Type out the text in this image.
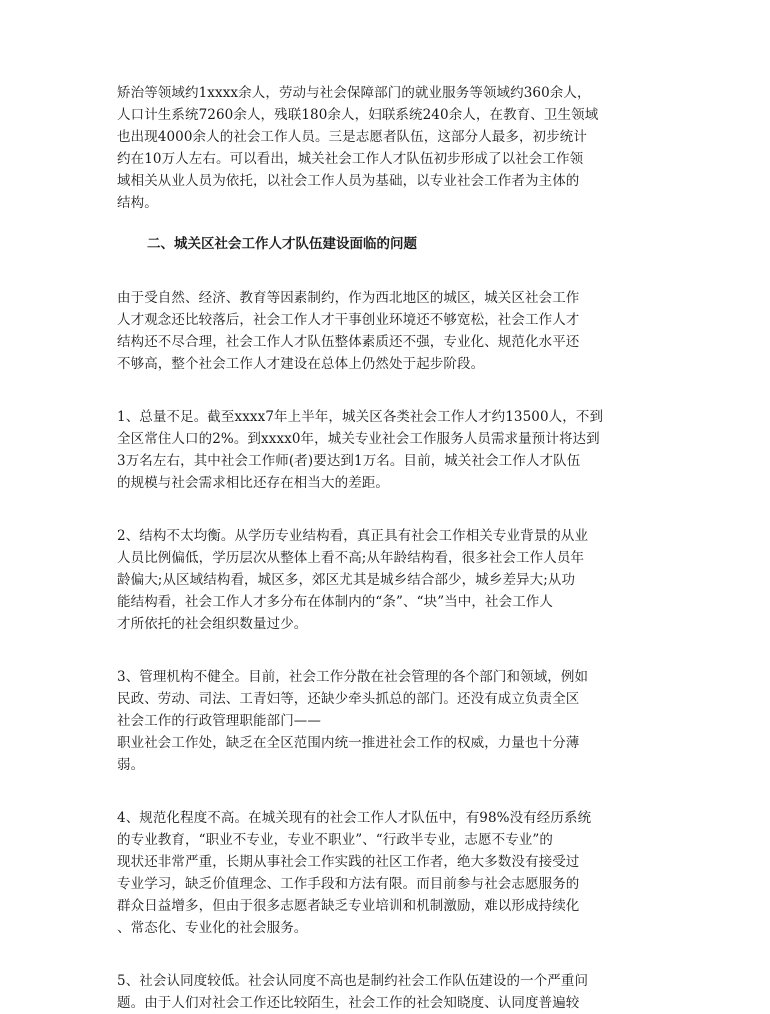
矫治等领域约1xxxx余人，劳动与社会保障部门的就业服务等领域约360余人，

人口计生系统7260余人，残联180余人，妇联系统240余人，在教育、卫生领域

也出现4000余人的社会工作人员。三是志愿者队伍，这部分人最多，初步统计

约在10万人左右。可以看出，城关社会工作人才队伍初步形成了以社会工作领

域相关从业人员为依托，以社会工作人员为基础，以专业社会工作者为主体的

结构。

二、城关区社会工作人才队伍建设面临的问题

由于受自然、经济、教育等因素制约，作为西北地区的城区，城关区社会工作

人才观念还比较落后，社会工作人才干事创业环境还不够宽松，社会工作人才

结构还不尽合理，社会工作人才队伍整体素质还不强，专业化、规范化水平还

不够高，整个社会工作人才建设在总体上仍然处于起步阶段。

1、总量不足。截至xxxx7年上半年，城关区各类社会工作人才约13500人，不到

全区常住人口的2%。到xxxx0年，城关专业社会工作服务人员需求量预计将达到

3万名左右，其中社会工作师(者)要达到1万名。目前，城关社会工作人才队伍

的规模与社会需求相比还存在相当大的差距。

2、结构不太均衡。从学历专业结构看，真正具有社会工作相关专业背景的从业

人员比例偏低，学历层次从整体上看不高;从年龄结构看，很多社会工作人员年

龄偏大;从区域结构看，城区多，郊区尤其是城乡结合部少，城乡差异大;从功

能结构看，社会工作人才多分布在体制内的“条”、“块”当中，社会工作人

才所依托的社会组织数量过少。

3、管理机构不健全。目前，社会工作分散在社会管理的各个部门和领域，例如

民政、劳动、司法、工青妇等，还缺少牵头抓总的部门。还没有成立负责全区

社会工作的行政管理职能部门——

职业社会工作处，缺乏在全区范围内统一推进社会工作的权威，力量也十分薄

弱。

4、规范化程度不高。在城关现有的社会工作人才队伍中，有98%没有经历系统

的专业教育，“职业不专业，专业不职业”、“行政半专业，志愿不专业”的

现状还非常严重，长期从事社会工作实践的社区工作者，绝大多数没有接受过

专业学习，缺乏价值理念、工作手段和方法有限。而目前参与社会志愿服务的

群众日益增多，但由于很多志愿者缺乏专业培训和机制激励，难以形成持续化

、常态化、专业化的社会服务。

5、社会认同度较低。社会认同度不高也是制约社会工作队伍建设的一个严重问

题。由于人们对社会工作还比较陌生，社会工作的社会知晓度、认同度普遍较
